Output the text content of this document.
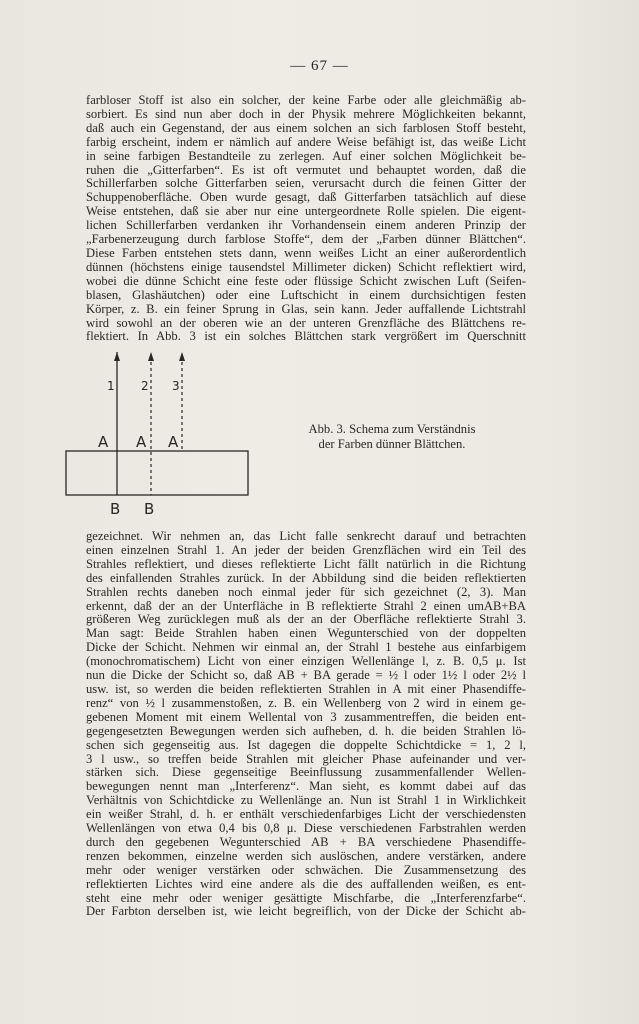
— 67 —
farbloser Stoff ist also ein solcher, der keine Farbe oder alle gleichmäßig ab-
sorbiert. Es sind nun aber doch in der Physik mehrere Möglichkeiten bekannt,
daß auch ein Gegenstand, der aus einem solchen an sich farblosen Stoff besteht,
farbig erscheint, indem er nämlich auf andere Weise befähigt ist, das weiße Licht
in seine farbigen Bestandteile zu zerlegen. Auf einer solchen Möglichkeit be-
ruhen die „Gitterfarben“. Es ist oft vermutet und behauptet worden, daß die
Schillerfarben solche Gitterfarben seien, verursacht durch die feinen Gitter der
Schuppenoberfläche. Oben wurde gesagt, daß Gitterfarben tatsächlich auf diese
Weise entstehen, daß sie aber nur eine untergeordnete Rolle spielen. Die eigent-
lichen Schillerfarben verdanken ihr Vorhandensein einem anderen Prinzip der
„Farbenerzeugung durch farblose Stoffe“, dem der „Farben dünner Blättchen“.
Diese Farben entstehen stets dann, wenn weißes Licht an einer außerordentlich
dünnen (höchstens einige tausendstel Millimeter dicken) Schicht reflektiert wird,
wobei die dünne Schicht eine feste oder flüssige Schicht zwischen Luft (Seifen-
blasen, Glashäutchen) oder eine Luftschicht in einem durchsichtigen festen
Körper, z. B. ein feiner Sprung in Glas, sein kann. Jeder auffallende Lichtstrahl
wird sowohl an der oberen wie an der unteren Grenzfläche des Blättchens re-
flektiert. In Abb. 3 ist ein solches Blättchen stark vergrößert im Querschnitt
1 2 3
A A A
B B
Abb. 3. Schema zum Verständnis
der Farben dünner Blättchen.
gezeichnet. Wir nehmen an, das Licht falle senkrecht darauf und betrachten
einen einzelnen Strahl 1. An jeder der beiden Grenzflächen wird ein Teil des
Strahles reflektiert, und dieses reflektierte Licht fällt natürlich in die Richtung
des einfallenden Strahles zurück. In der Abbildung sind die beiden reflektierten
Strahlen rechts daneben noch einmal jeder für sich gezeichnet (2, 3). Man
erkennt, daß der an der Unterfläche in B reflektierte Strahl 2 einen umAB+BA
größeren Weg zurücklegen muß als der an der Oberfläche reflektierte Strahl 3.
Man sagt: Beide Strahlen haben einen Wegunterschied von der doppelten
Dicke der Schicht. Nehmen wir einmal an, der Strahl 1 bestehe aus einfarbigem
(monochromatischem) Licht von einer einzigen Wellenlänge l, z. B. 0,5 μ. Ist
nun die Dicke der Schicht so, daß AB + BA gerade = ½ l oder 1½ l oder 2½ l
usw. ist, so werden die beiden reflektierten Strahlen in A mit einer Phasendiffe-
renz“ von ½ l zusammenstoßen, z. B. ein Wellenberg von 2 wird in einem ge-
gebenen Moment mit einem Wellental von 3 zusammentreffen, die beiden ent-
gegengesetzten Bewegungen werden sich aufheben, d. h. die beiden Strahlen lö-
schen sich gegenseitig aus. Ist dagegen die doppelte Schichtdicke = 1, 2 l,
3 l usw., so treffen beide Strahlen mit gleicher Phase aufeinander und ver-
stärken sich. Diese gegenseitige Beeinflussung zusammenfallender Wellen-
bewegungen nennt man „Interferenz“. Man sieht, es kommt dabei auf das
Verhältnis von Schichtdicke zu Wellenlänge an. Nun ist Strahl 1 in Wirklichkeit
ein weißer Strahl, d. h. er enthält verschiedenfarbiges Licht der verschiedensten
Wellenlängen von etwa 0,4 bis 0,8 μ. Diese verschiedenen Farbstrahlen werden
durch den gegebenen Wegunterschied AB + BA verschiedene Phasendiffe-
renzen bekommen, einzelne werden sich auslöschen, andere verstärken, andere
mehr oder weniger verstärken oder schwächen. Die Zusammensetzung des
reflektierten Lichtes wird eine andere als die des auffallenden weißen, es ent-
steht eine mehr oder weniger gesättigte Mischfarbe, die „Interferenzfarbe“.
Der Farbton derselben ist, wie leicht begreiflich, von der Dicke der Schicht ab-
